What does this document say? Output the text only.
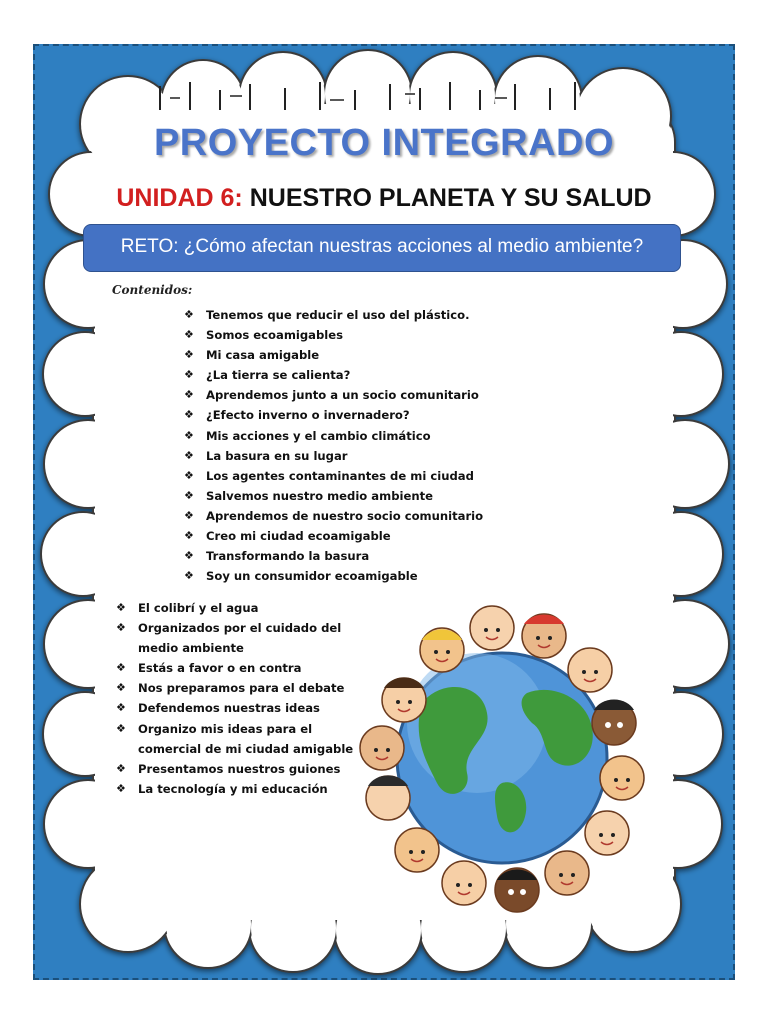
PROYECTO INTEGRADO
UNIDAD 6: NUESTRO PLANETA Y SU SALUD
RETO: ¿Cómo afectan nuestras acciones al medio ambiente?
Contenidos:
❖ Tenemos que reducir el uso del plástico.
❖ Somos ecoamigables
❖ Mi casa amigable
❖ ¿La tierra se calienta?
❖ Aprendemos junto a un socio comunitario
❖ ¿Efecto inverno o invernadero?
❖ Mis acciones y el cambio climático
❖ La basura en su lugar
❖ Los agentes contaminantes de mi ciudad
❖ Salvemos nuestro medio ambiente
❖ Aprendemos de nuestro socio comunitario
❖ Creo mi ciudad ecoamigable
❖ Transformando la basura
❖ Soy un consumidor ecoamigable
❖ El colibrí y el agua
❖ Organizados por el cuidado del medio ambiente
❖ Estás a favor o en contra
❖ Nos preparamos para el debate
❖ Defendemos nuestras ideas
❖ Organizo mis ideas para el comercial de mi ciudad amigable
❖ Presentamos nuestros guiones
❖ La tecnología y mi educación
